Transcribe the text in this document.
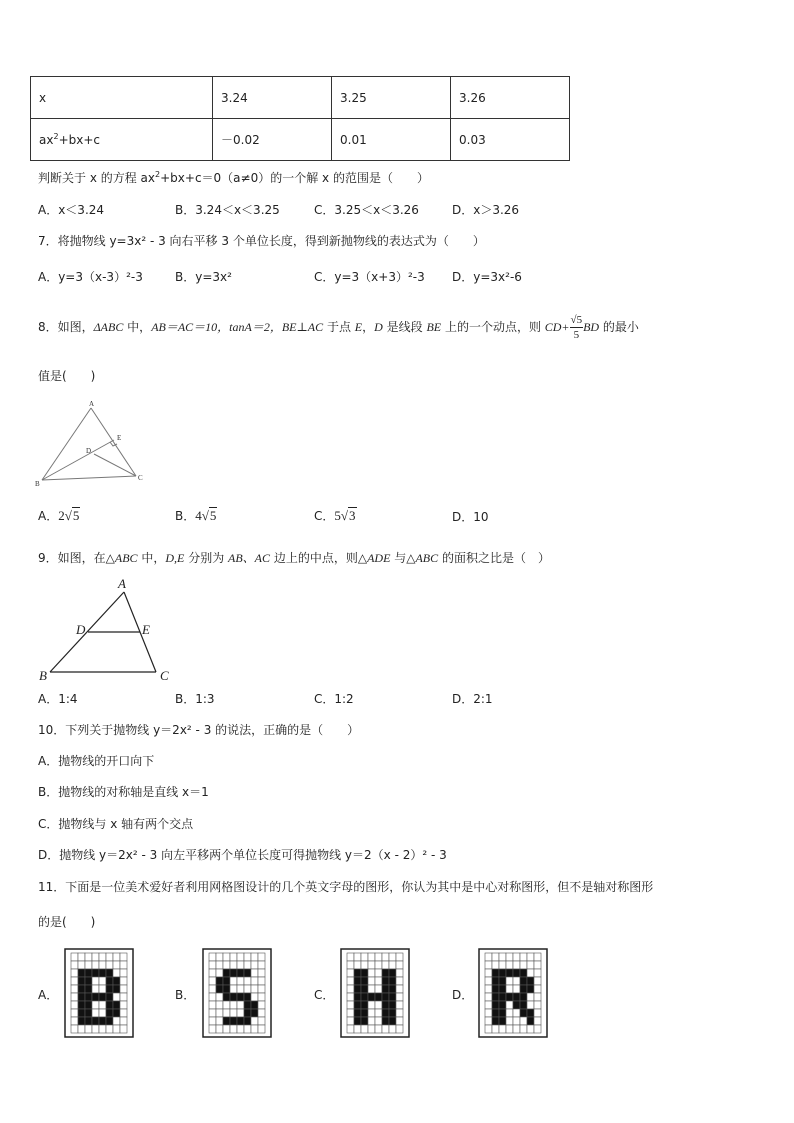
x	3.24	3.25	3.26
$ax^2+bx+c$	－0.02	0.01	0.03
判断关于 x 的方程 $ax^2+bx+c=0(a\ne 0)$的一个解 x 的范围是（　　）
A．x＜3.24	B．3.24＜x＜3.25	C．3.25＜x＜3.26	D．x＞3.26
7．将抛物线 y=3x² - 3 向右平移 3 个单位长度，得到新抛物线的表达式为（　　）
A．y=3（x-3）²-3	B．y=3x²	C．y=3（x+3）²-3 D．y=3x²-6
8．如图，ΔABC 中，AB＝AC＝10，tanA＝2，BE⊥AC 于点 E，D 是线段 BE 上的一个动点，则 $CD+ \frac{√5}{5}$ BD 的最小
值是(　　)
A
B
C
D
E
A．2√5	B．4√5	C．5√3	D．10
9．如图，在△ABC 中，D,E 分别为 AB、AC 边上的中点，则△ADE 与△ABC 的面积之比是（　）
A
D	E
B	C
A．1:4	B．1:3	C．1:2	D．2:1
10．下列关于抛物线 y＝2x² - 3 的说法，正确的是（　　）
A．抛物线的开口向下
B．抛物线的对称轴是直线 x＝1
C．抛物线与 x 轴有两个交点
D．抛物线 y＝2x² - 3 向左平移两个单位长度可得抛物线 y＝2（x - 2）² - 3
11．下面是一位美术爱好者利用网格图设计的几个英文字母的图形，你认为其中是中心对称图形，但不是轴对称图形
的是(　　)
A．	B．	C．	D．
